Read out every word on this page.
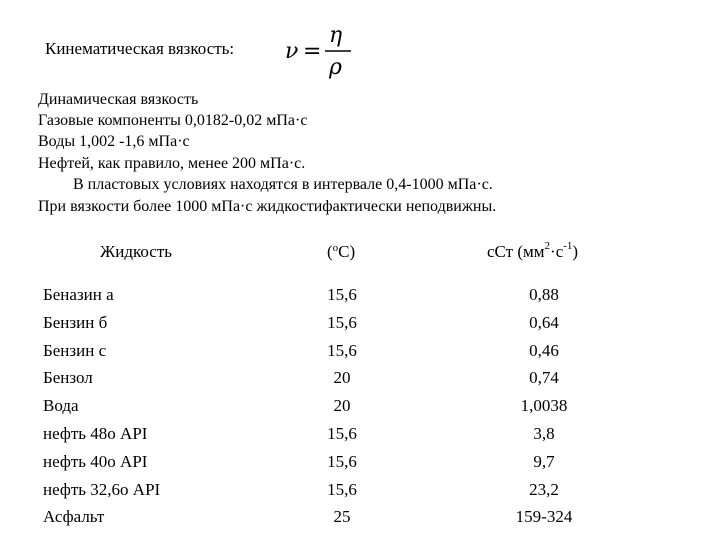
Кинематическая вязкость: ν =
η
ρ
Динамическая вязкость
Газовые компоненты 0,0182-0,02 мПа·с
Воды 1,002 -1,6 мПа·с
Нефтей, как правило, менее 200 мПа·с.
В пластовых условиях находятся в интервале 0,4-1000 мПа·с.
При вязкости более 1000 мПа·с жидкостифактически неподвижны.
Жидкость	($^o$C)	сСт $(мм^2\cdot с^{-1})$
Беназин а	15,6	0,88
Бензин б	15,6	0,64
Бензин с	15,6	0,46
Бензол	20	0,74
Вода	20	1,0038
нефть 48о API	15,6	3,8
нефть 40о API	15,6	9,7
нефть 32,6о API	15,6	23,2
Асфальт	25	159-324
